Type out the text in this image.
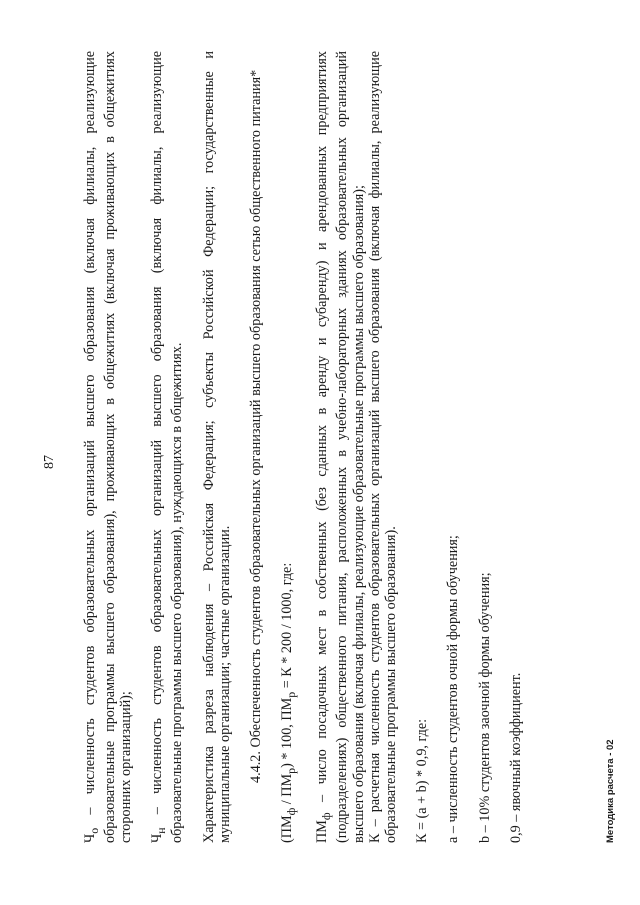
87

$Ч_о$ – численность студентов образовательных организаций высшего образования (включая филиалы, реализующие образовательные программы высшего образования), проживающих в общежитиях (включая проживающих в общежитиях сторонних организаций); $Ч_н$ – численность студентов образовательных организаций высшего образования (включая филиалы, реализующие образовательные программы высшего образования), нуждающихся в общежитиях. Характеристика разреза наблюдения – Российская Федерация; субъекты Российской Федерации; государственные и муниципальные организации; частные организации. 4.4.2. Обеспеченность студентов образовательных организаций высшего образования сетью общественного питания*

$(ПМ_ф / ПМ_р) * 100$, $ПМ_р = К * 200 / 1000$, где:

$ПМ_ф$ – число посадочных мест в собственных (без сданных в аренду и субаренду) и арендованных предприятиях (подразделениях) общественного питания, расположенных в учебно-лабораторных зданиях образовательных организаций высшего образования (включая филиалы, реализующие образовательные программы высшего образования); К – расчетная численность студентов образовательных организаций высшего образования (включая филиалы, реализующие образовательные программы высшего образования). К = (а + b) * 0,9, где: a – численность студентов очной формы обучения; b – 10% студентов заочной формы обучения; 0,9 – явочный коэффициент.	Методика расчета - 02
